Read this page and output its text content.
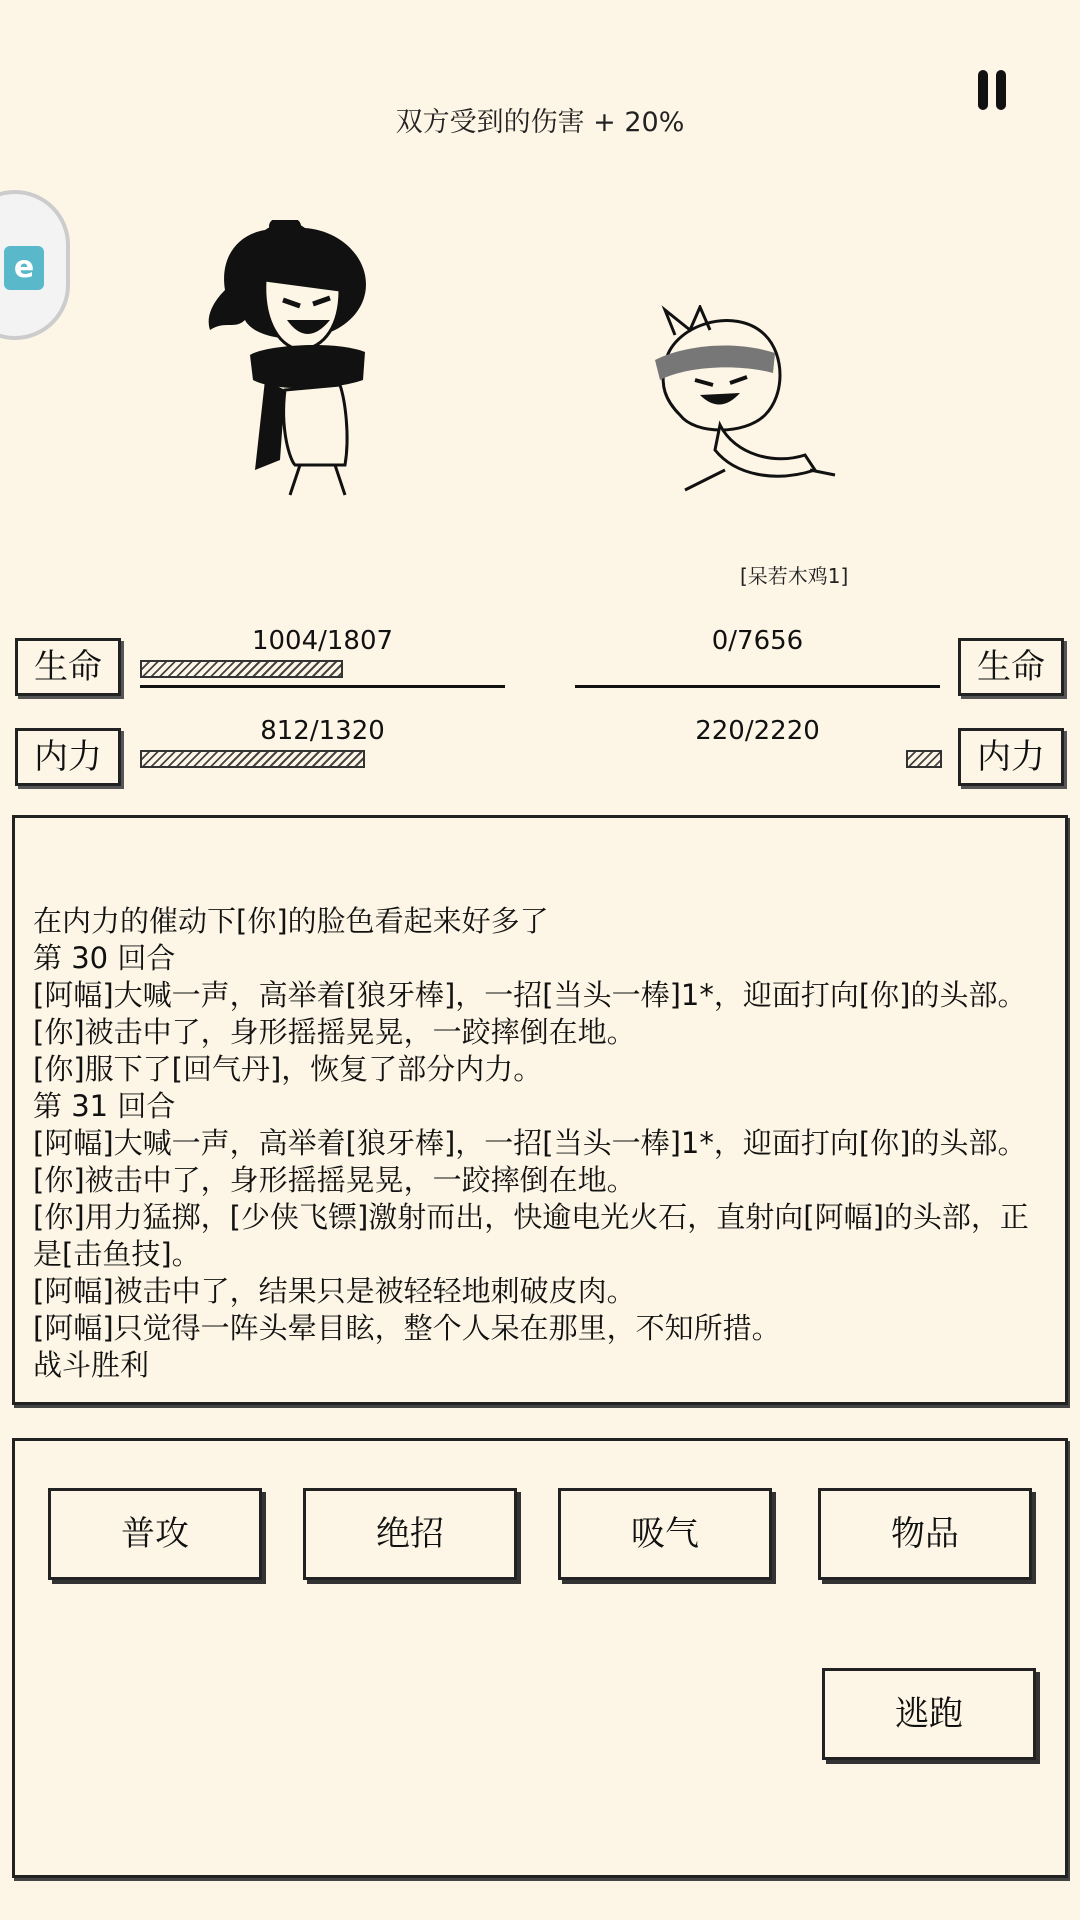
双方受到的伤害 + 20%
e
[呆若木鸡1]
生命
1004/1807
内力
812/1320
生命
0/7656
内力
220/2220
在内力的催动下[你]的脸色看起来好多了
第 30 回合
[阿幅]大喊一声，高举着[狼牙棒]，一招[当头一棒]1*，迎面打向[你]的头部。
[你]被击中了，身形摇摇晃晃，一跤摔倒在地。
[你]服下了[回气丹]，恢复了部分内力。
第 31 回合
[阿幅]大喊一声，高举着[狼牙棒]，一招[当头一棒]1*，迎面打向[你]的头部。
[你]被击中了，身形摇摇晃晃，一跤摔倒在地。
[你]用力猛掷，[少侠飞镖]激射而出，快逾电光火石，直射向[阿幅]的头部，正是[击鱼技]。
[阿幅]被击中了，结果只是被轻轻地刺破皮肉。
[阿幅]只觉得一阵头晕目眩，整个人呆在那里，不知所措。
战斗胜利
普攻	绝招	吸气	物品
逃跑
